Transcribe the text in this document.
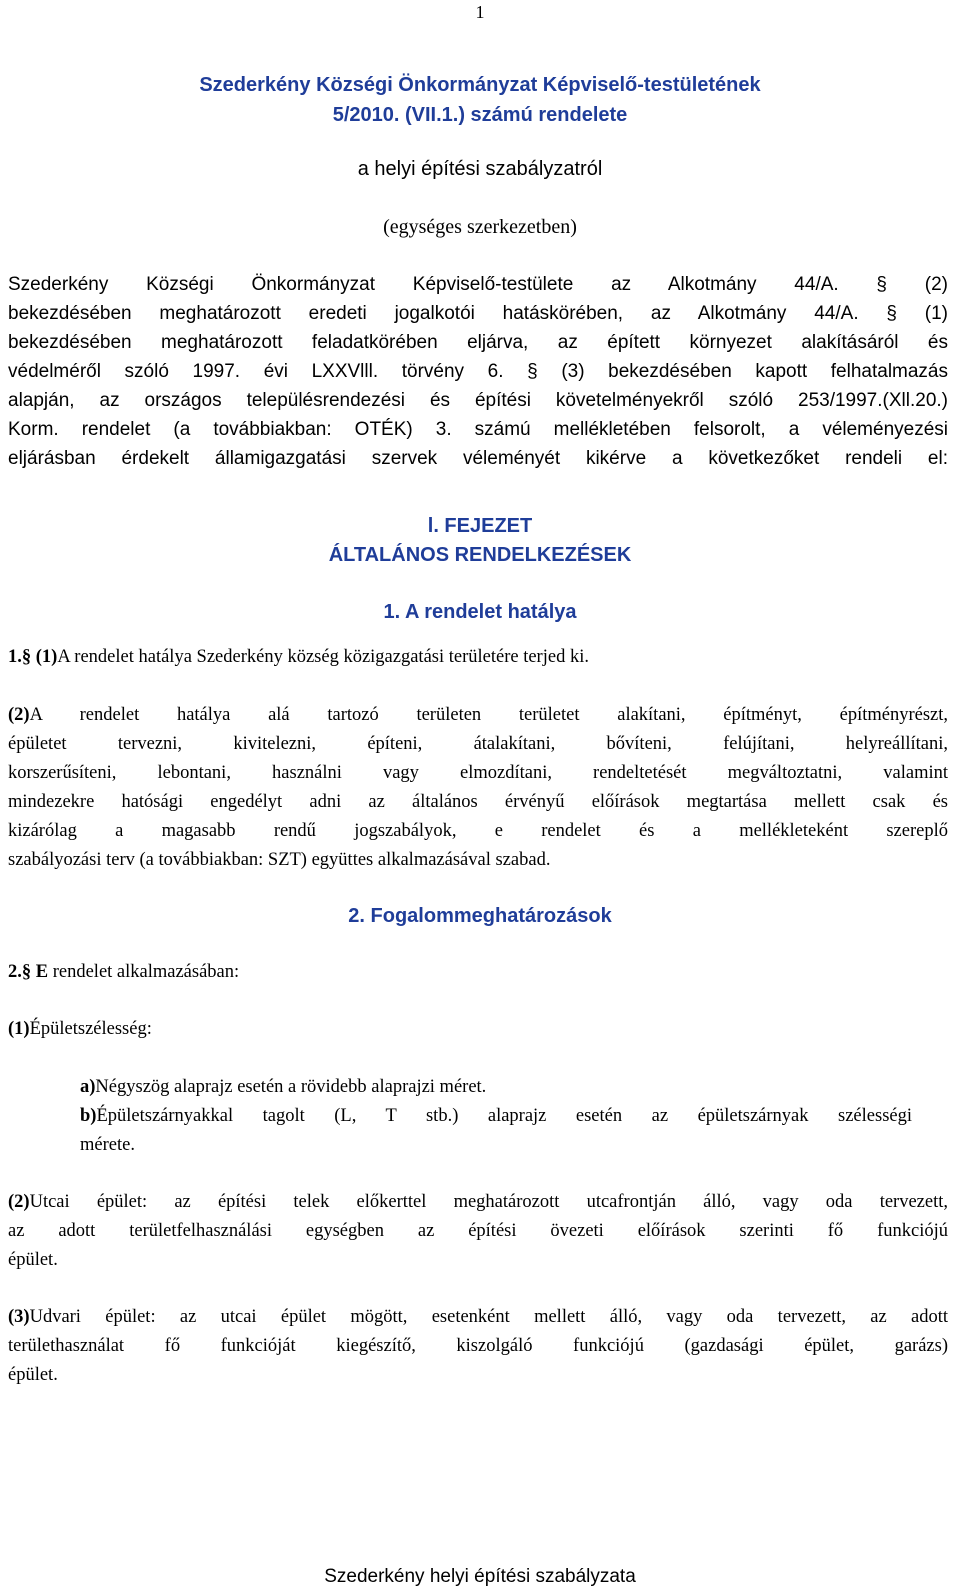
1
Szederkény Községi Önkormányzat Képviselő-testületének
5/2010. (VII.1.) számú rendelete
a helyi építési szabályzatról
(egységes szerkezetben)
Szederkény Községi Önkormányzat Képviselő-testülete az Alkotmány 44/A. § (2)
bekezdésében meghatározott eredeti jogalkotói hatáskörében, az Alkotmány 44/A. § (1)
bekezdésében meghatározott feladatkörében eljárva, az épített környezet alakításáról és
védelméről szóló 1997. évi LXXVlll. törvény 6. § (3) bekezdésében kapott felhatalmazás
alapján, az országos településrendezési és építési követelményekről szóló 253/1997.(Xll.20.)
Korm. rendelet (a továbbiakban: OTÉK) 3. számú mellékletében felsorolt, a véleményezési
eljárásban érdekelt államigazgatási szervek véleményét kikérve a következőket rendeli el:
l. FEJEZET
ÁLTALÁNOS RENDELKEZÉSEK
1. A rendelet hatálya
1.§ (1)A rendelet hatálya Szederkény község közigazgatási területére terjed ki.
(2)A rendelet hatálya alá tartozó területen területet alakítani, építményt, építményrészt,
épületet tervezni, kivitelezni, építeni, átalakítani, bővíteni, felújítani, helyreállítani,
korszerűsíteni, lebontani, használni vagy elmozdítani, rendeltetését megváltoztatni, valamint
mindezekre hatósági engedélyt adni az általános érvényű előírások megtartása mellett csak és
kizárólag a magasabb rendű jogszabályok, e rendelet és a mellékleteként szereplő
szabályozási terv (a továbbiakban: SZT) együttes alkalmazásával szabad.
2. Fogalommeghatározások
2.§ E rendelet alkalmazásában:
(1)Épületszélesség:
a)Négyszög alaprajz esetén a rövidebb alaprajzi méret.
b)Épületszárnyakkal tagolt (L, T stb.) alaprajz esetén az épületszárnyak szélességi
mérete.
(2)Utcai épület: az építési telek előkerttel meghatározott utcafrontján álló, vagy oda tervezett,
az adott területfelhasználási egységben az építési övezeti előírások szerinti fő funkciójú
épület.
(3)Udvari épület: az utcai épület mögött, esetenként mellett álló, vagy oda tervezett, az adott
területhasználat fő funkcióját kiegészítő, kiszolgáló funkciójú (gazdasági épület, garázs)
épület.
Szederkény helyi építési szabályzata
